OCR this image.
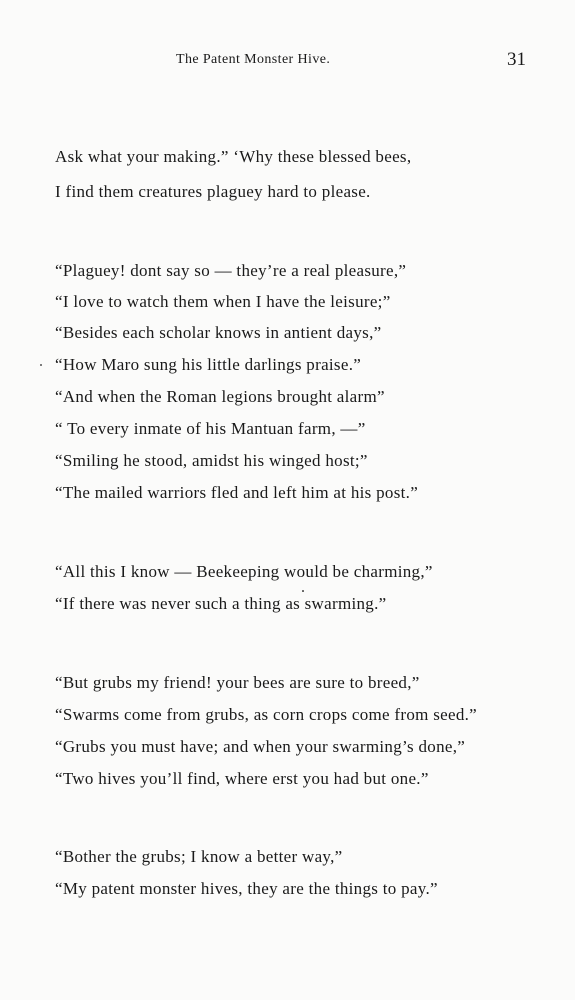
The Patent Monster Hive.	31
Ask what your making.” ‘Why these blessed bees,
I find them creatures plaguey hard to please.
“Plaguey! dont say so — they’re a real pleasure,”
“I love to watch them when I have the leisure;”
“Besides each scholar knows in antient days,”
“How Maro sung his little darlings praise.”
“And when the Roman legions brought alarm”
“ To every inmate of his Mantuan farm, —”
“Smiling he stood, amidst his winged host;”
“The mailed warriors fled and left him at his post.”
“All this I know — Beekeeping would be charming,”
“If there was never such a thing as swarming.”
“But grubs my friend! your bees are sure to breed,”
“Swarms come from grubs, as corn crops come from seed.”
“Grubs you must have; and when your swarming’s done,”
“Two hives you’ll find, where erst you had but one.”
“Bother the grubs; I know a better way,”
“My patent monster hives, they are the things to pay.”
